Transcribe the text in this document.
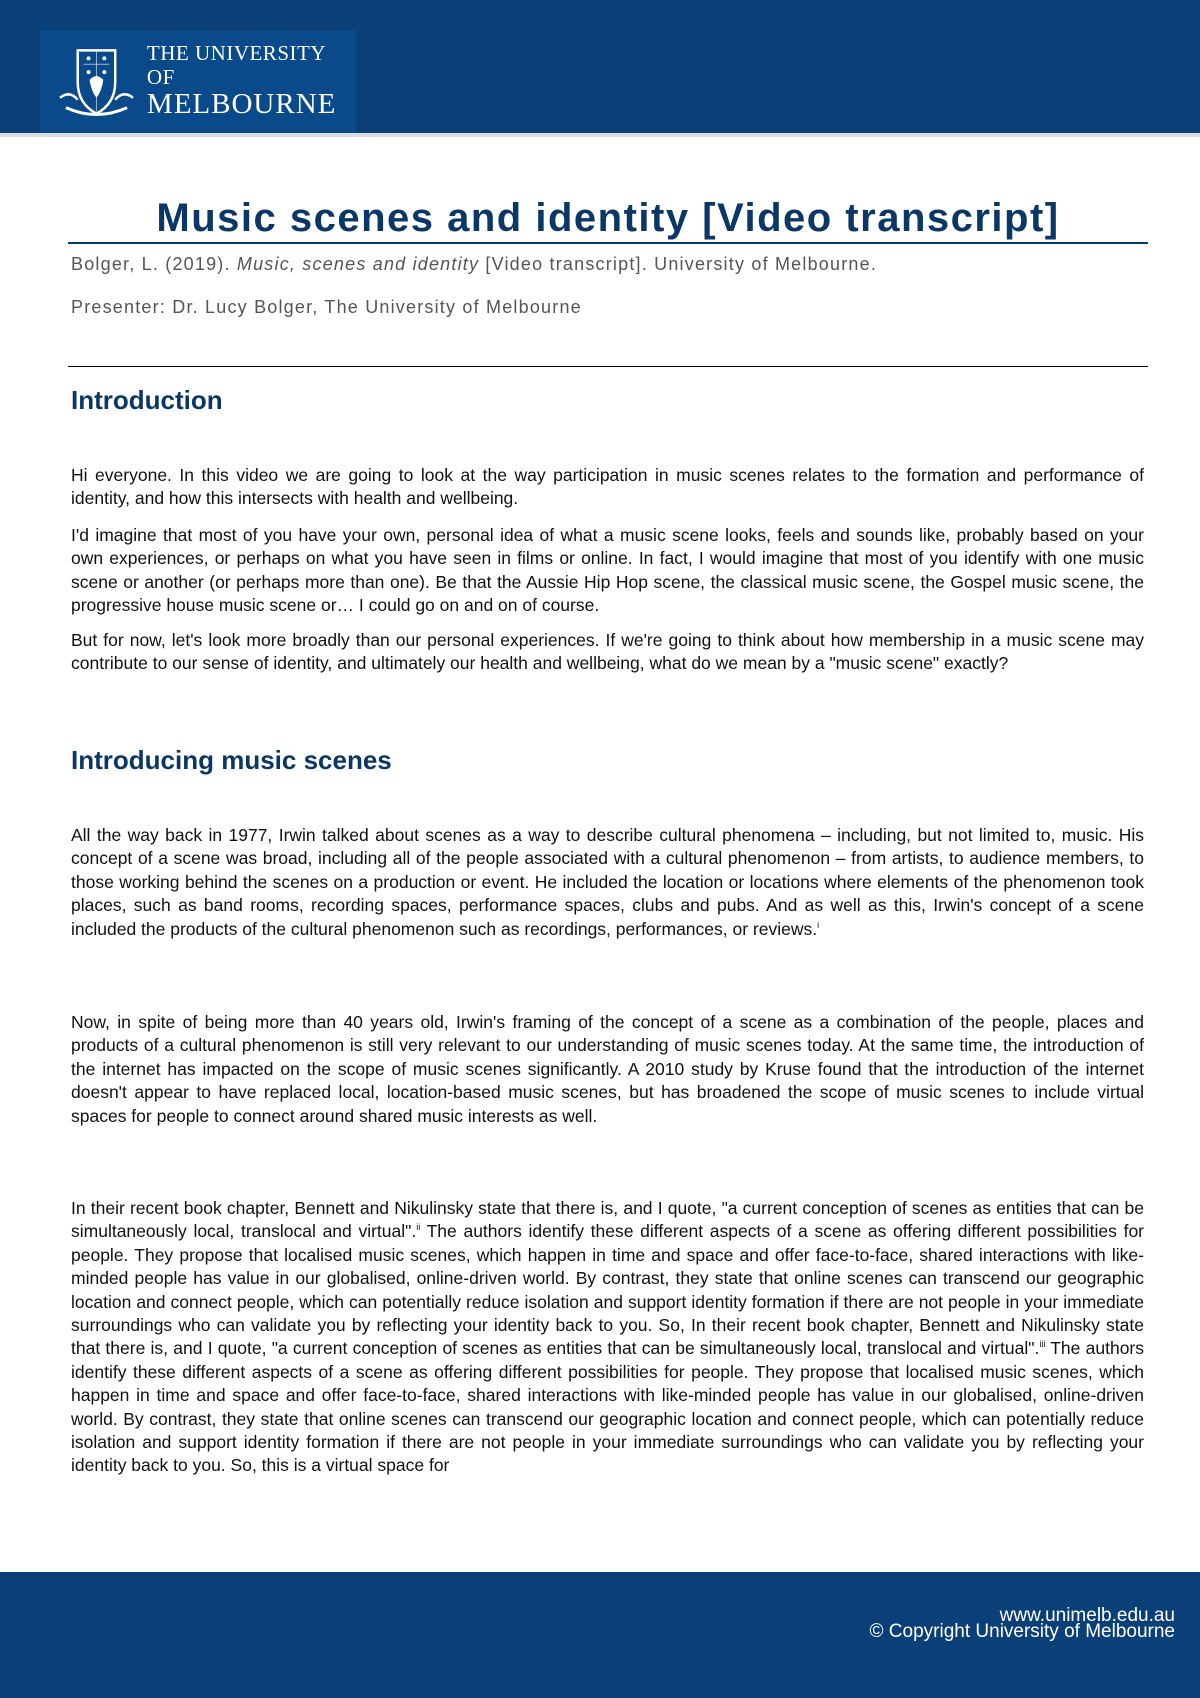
THE UNIVERSITY OF
MELBOURNE
Music scenes and identity [Video transcript]

Bolger, L. (2019). Music, scenes and identity [Video transcript]. University of Melbourne.

Presenter: Dr. Lucy Bolger, The University of Melbourne

Introduction

Hi everyone. In this video we are going to look at the way participation in music scenes relates to the formation and performance of identity, and how this intersects with health and wellbeing.

I'd imagine that most of you have your own, personal idea of what a music scene looks, feels and sounds like, probably based on your own experiences, or perhaps on what you have seen in films or online. In fact, I would imagine that most of you identify with one music scene or another (or perhaps more than one). Be that the Aussie Hip Hop scene, the classical music scene, the Gospel music scene, the progressive house music scene or… I could go on and on of course.

But for now, let's look more broadly than our personal experiences. If we're going to think about how membership in a music scene may contribute to our sense of identity, and ultimately our health and wellbeing, what do we mean by a "music scene" exactly?

Introducing music scenes

All the way back in 1977, Irwin talked about scenes as a way to describe cultural phenomena – including, but not limited to, music. His concept of a scene was broad, including all of the people associated with a cultural phenomenon – from artists, to audience members, to those working behind the scenes on a production or event. He included the location or locations where elements of the phenomenon took places, such as band rooms, recording spaces, performance spaces, clubs and pubs. And as well as this, Irwin's concept of a scene included the products of the cultural phenomenon such as recordings, performances, or reviews.$^i$

Now, in spite of being more than 40 years old, Irwin's framing of the concept of a scene as a combination of the people, places and products of a cultural phenomenon is still very relevant to our understanding of music scenes today. At the same time, the introduction of the internet has impacted on the scope of music scenes significantly. A 2010 study by Kruse found that the introduction of the internet doesn't appear to have replaced local, location-based music scenes, but has broadened the scope of music scenes to include virtual spaces for people to connect around shared music interests as well.

In their recent book chapter, Bennett and Nikulinsky state that there is, and I quote, "a current conception of scenes as entities that can be simultaneously local, translocal and virtual".$^{ii}$ The authors identify these different aspects of a scene as offering different possibilities for people. They propose that localised music scenes, which happen in time and space and offer face-to-face, shared interactions with like-minded people has value in our globalised, online-driven world. By contrast, they state that online scenes can transcend our geographic location and connect people, which can potentially reduce isolation and support identity formation if there are not people in your immediate surroundings who can validate you by reflecting your identity back to you. So, In their recent book chapter, Bennett and Nikulinsky state that there is, and I quote, "a current conception of scenes as entities that can be simultaneously local, translocal and virtual".$^{iii}$ The authors identify these different aspects of a scene as offering different possibilities for people. They propose that localised music scenes, which happen in time and space and offer face-to-face, shared interactions with like-minded people has value in our globalised, online-driven world. By contrast, they state that online scenes can transcend our geographic location and connect people, which can potentially reduce isolation and support identity formation if there are not people in your immediate surroundings who can validate you by reflecting your identity back to you. So, this is a virtual space for

www.unimelb.edu.au

© Copyright University of Melbourne
